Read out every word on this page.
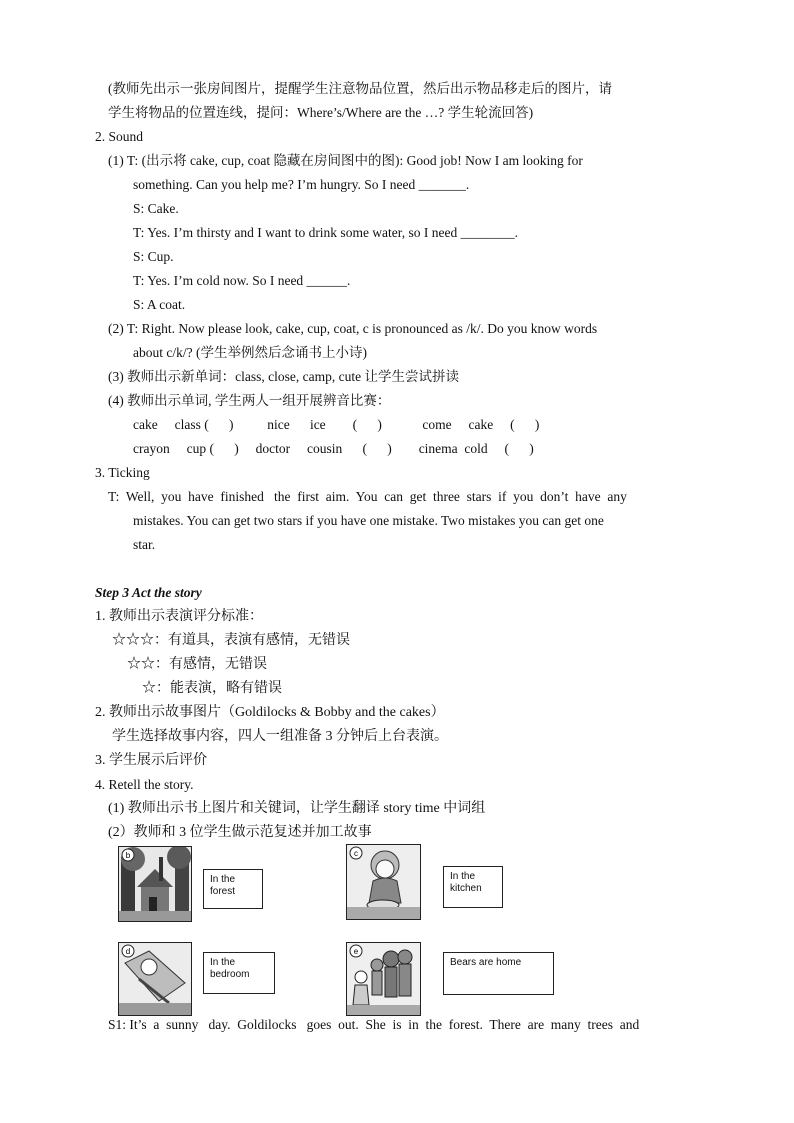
(教师先出示一张房间图片，提醒学生注意物品位置，然后出示物品移走后的图片，请
学生将物品的位置连线，提问：Where’s/Where are the …? 学生轮流回答)
2. Sound
(1) T: (出示将 cake, cup, coat 隐藏在房间图中的图): Good job! Now I am looking for
something. Can you help me? I’m hungry. So I need _______.
S: Cake.
T: Yes. I’m thirsty and I want to drink some water, so I need ________.
S: Cup.
T: Yes. I’m cold now. So I need ______.
S: A coat.
(2) T: Right. Now please look, cake, cup, coat, c is pronounced as /k/. Do you know words
about c/k/? (学生举例然后念诵书上小诗)
(3) 教师出示新单词：class, close, camp, cute 让学生尝试拼读
(4) 教师出示单词, 学生两人一组开展辨音比赛：
cake     class (      )          nice      ice        (      )            come     cake     (      )
crayon     cup (      )     doctor     cousin      (      )        cinema  cold     (      )
3. Ticking
T:  Well,  you  have  finished   the  first  aim.  You  can  get  three  stars  if  you  don’t  have  any
mistakes. You can get two stars if you have one mistake. Two mistakes you can get one
star.
Step 3 Act the story
1. 教师出示表演评分标准：
☆☆☆：有道具，表演有感情，无错误
☆☆：有感情，无错误
☆：能表演，略有错误
2. 教师出示故事图片（Goldilocks & Bobby and the cakes）
学生选择故事内容，四人一组准备 3 分钟后上台表演。
3. 学生展示后评价
4. Retell the story.
(1) 教师出示书上图片和关键词，让学生翻译 story time 中词组
(2）教师和 3 位学生做示范复述并加工故事
b
In the forest
c
In the kitchen
d
In the bedroom
e
Bears are home
S1: It’s  a  sunny   day.  Goldilocks   goes  out.  She  is  in  the  forest.  There  are  many  trees  and
